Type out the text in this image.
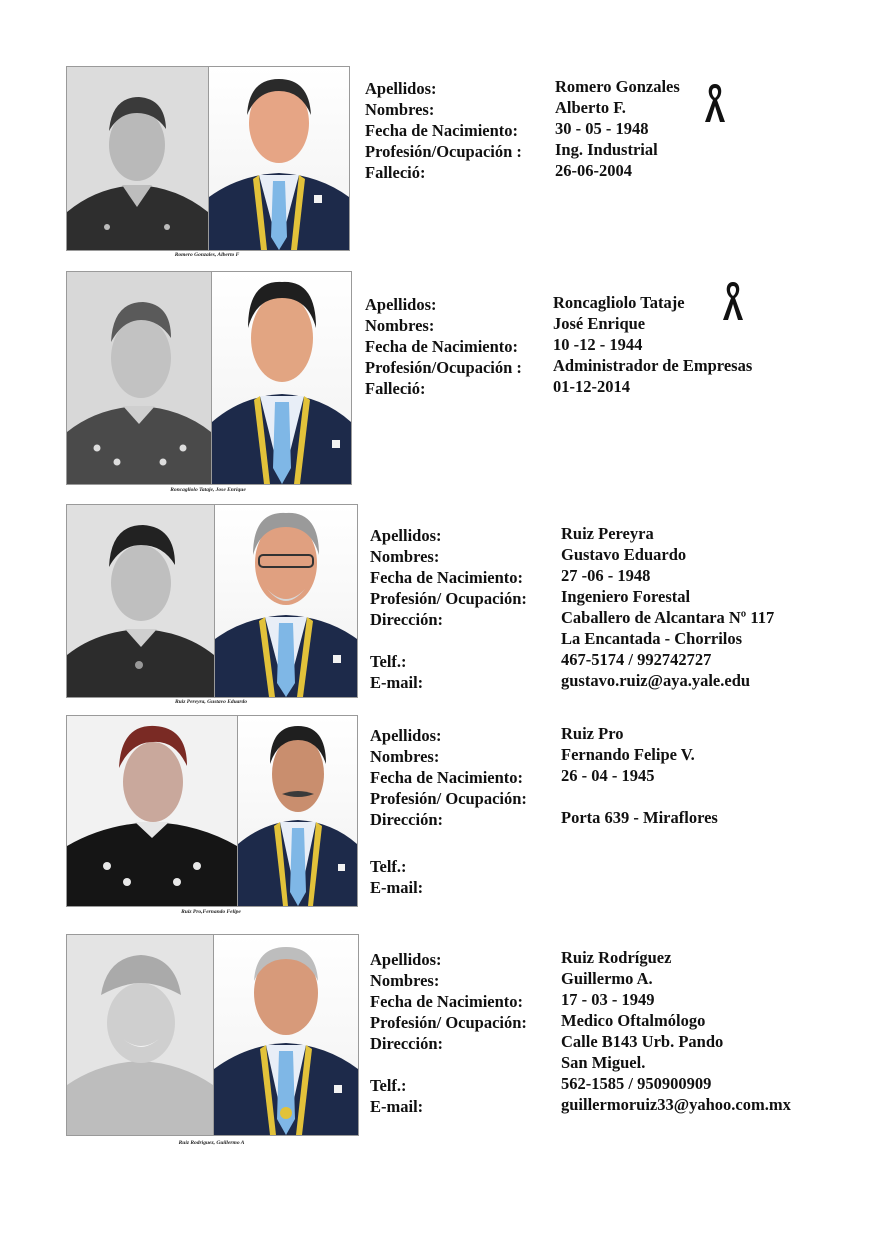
Romero Gonzales, Alberto F
Apellidos:
Nombres:
Fecha de Nacimiento:
Profesión/Ocupación :
Falleció:
Romero Gonzales
Alberto F.
30 - 05 - 1948
Ing. Industrial
26-06-2004
Roncagliolo Tataje, Jose Enrique
Apellidos:
Nombres:
Fecha de Nacimiento:
Profesión/Ocupación :
Falleció:
Roncagliolo Tataje
José Enrique
10 -12 - 1944
Administrador de Empresas
01-12-2014
Ruiz Pereyra, Gustavo Eduardo
Apellidos:
Nombres:
Fecha de Nacimiento:
Profesión/ Ocupación:
Dirección:
Telf.:
E-mail:
Ruiz Pereyra
Gustavo Eduardo
27 -06 - 1948
Ingeniero Forestal
Caballero de Alcantara Nº 117
La Encantada - Chorrilos
467-5174 / 992742727
gustavo.ruiz@aya.yale.edu
Ruiz Pro,Fernando Felipe
Apellidos:
Nombres:
Fecha de Nacimiento:
Profesión/ Ocupación:
Dirección:
Telf.:
E-mail:
Ruiz Pro
Fernando Felipe V.
26 - 04 - 1945
Porta 639 - Miraflores
Ruiz Rodriguez, Guillermo A
Apellidos:
Nombres:
Fecha de Nacimiento:
Profesión/ Ocupación:
Dirección:
Telf.:
E-mail:
Ruiz Rodríguez
Guillermo A.
17 - 03 - 1949
Medico Oftalmólogo
Calle B143 Urb. Pando
San Miguel.
562-1585 / 950900909
guillermoruiz33@yahoo.com.mx
